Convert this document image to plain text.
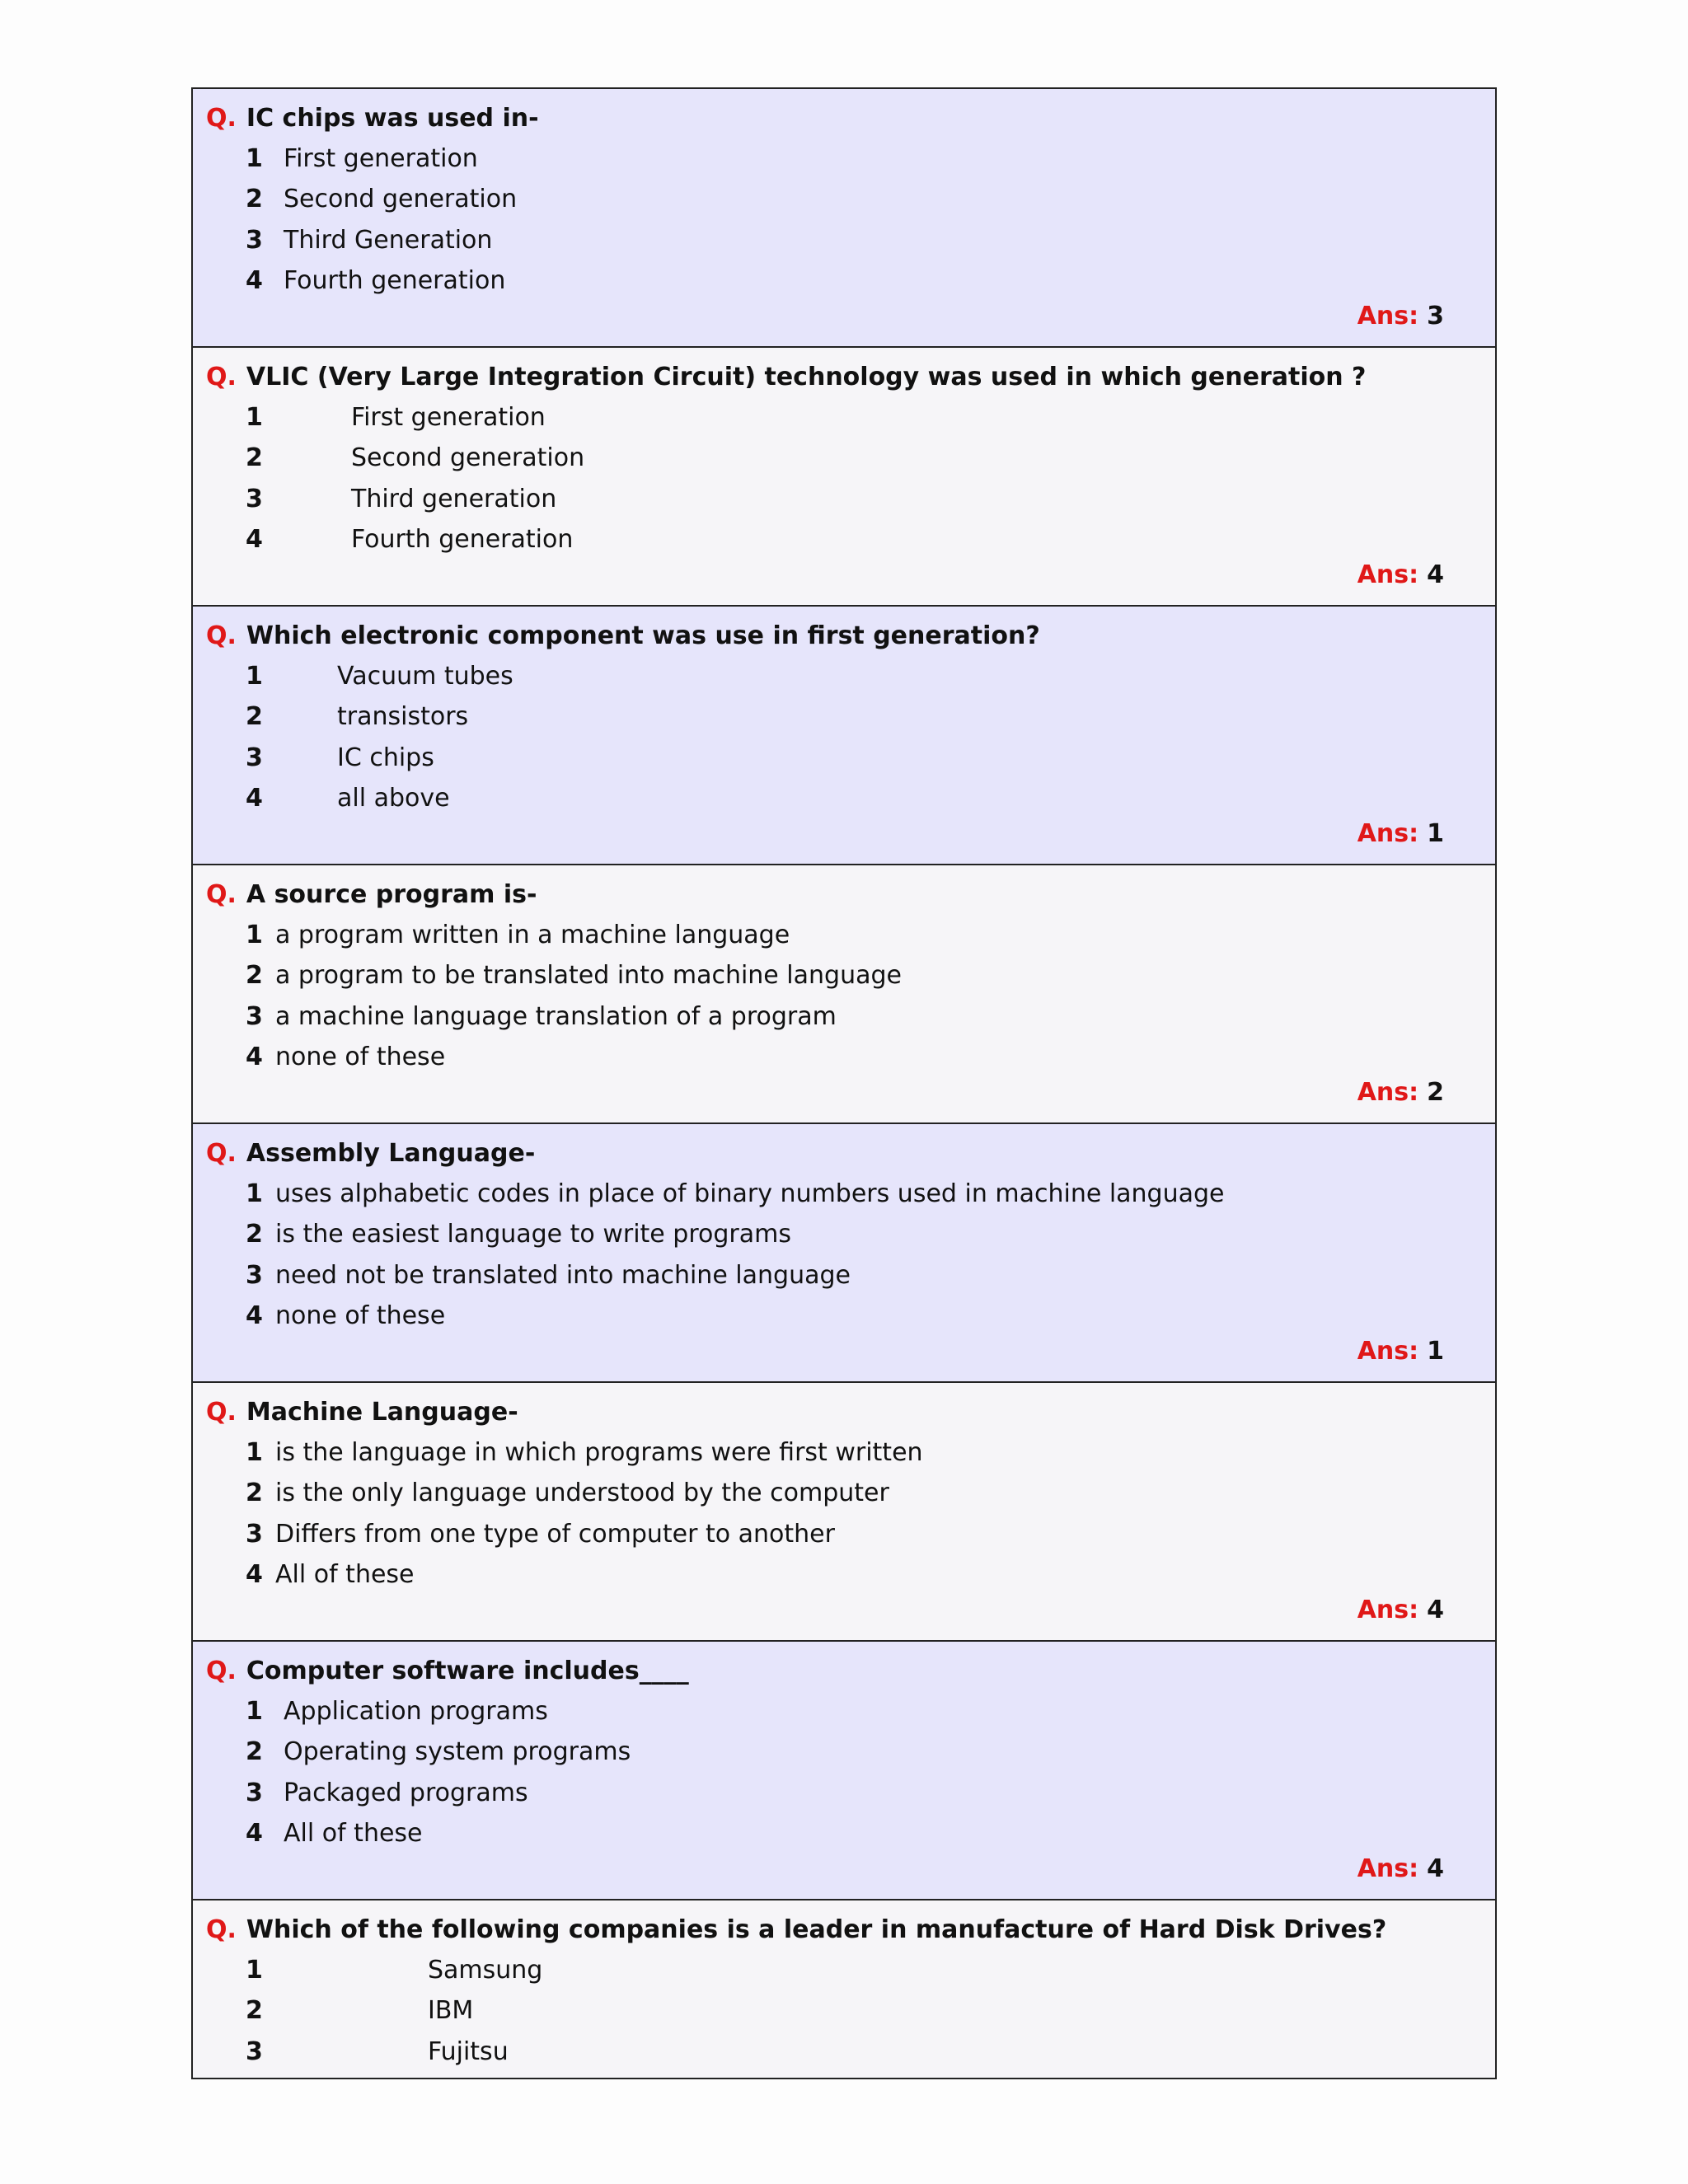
Q. IC chips was used in-
1 First generation
2 Second generation
3 Third Generation
4 Fourth generation
Ans: 3
Q. VLIC (Very Large Integration Circuit) technology was used in which generation ?
1	First generation
2	Second generation
3	Third generation
4	Fourth generation
Ans: 4
Q. Which electronic component was use in first generation?
1	Vacuum tubes
2	transistors
3	IC chips
4	all above
Ans: 1
Q. A source program is-
1 a program written in a machine language
2 a program to be translated into machine language
3 a machine language translation of a program
4 none of these
Ans: 2
Q. Assembly Language-
1 uses alphabetic codes in place of binary numbers used in machine language
2 is the easiest language to write programs
3 need not be translated into machine language
4 none of these
Ans: 1
Q. Machine Language-
1 is the language in which programs were first written
2 is the only language understood by the computer
3 Differs from one type of computer to another
4 All of these
Ans: 4
Q. Computer software includes____
1 Application programs
2 Operating system programs
3 Packaged programs
4 All of these
Ans: 4
Q. Which of the following companies is a leader in manufacture of Hard Disk Drives?
1	Samsung
2	IBM
3	Fujitsu
